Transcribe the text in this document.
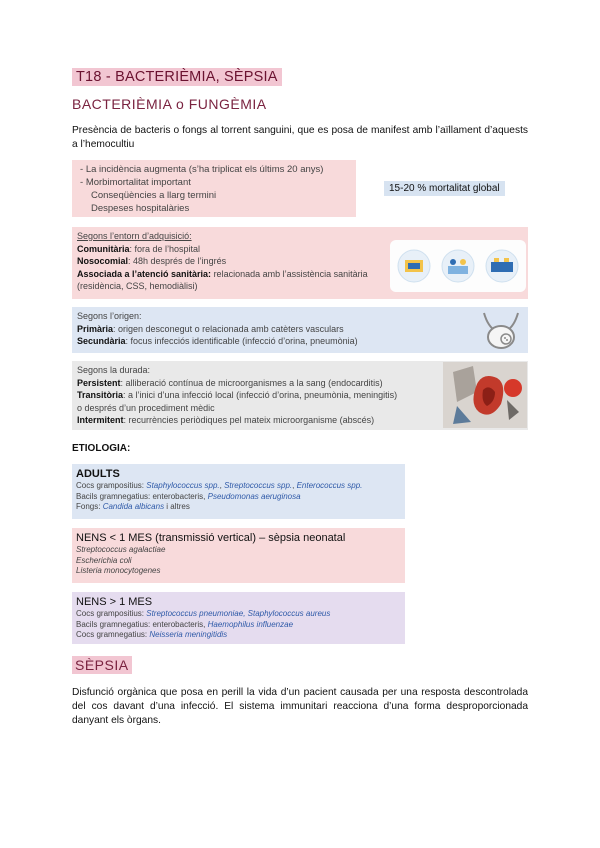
T18 - BACTERIÈMIA, SÈPSIA
BACTERIÈMIA o FUNGÈMIA
Presència de bacteris o fongs al torrent sanguini, que es posa de manifest amb l’aïllament d’aquests a l’hemocultiu
- La incidència augmenta (s’ha triplicat els últims 20 anys)
- Morbimortalitat important
Conseqüències a llarg termini
Despeses hospitalàries
15-20 % mortalitat global
Segons l’entorn d’adquisició:
Comunitària: fora de l’hospital
Nosocomial: 48h després de l’ingrés
Associada a l’atenció sanitària: relacionada amb l’assistència sanitària
(residència, CSS, hemodiàlisi)
Segons l’origen:
Primària: origen desconegut o relacionada amb catèters vasculars
Secundària: focus infecciós identificable (infecció d’orina, pneumònia)
Segons la durada:
Persistent: alliberació contínua de microorganismes a la sang (endocarditis)
Transitòria: a l’inici d’una infecció local (infecció d’orina, pneumònia, meningitis)
o després d’un procediment mèdic
Intermitent: recurrències periòdiques pel mateix microorganisme (abscés)
ETIOLOGIA:
ADULTS
Cocs grampositius: Staphylococcus spp., Streptococcus spp., Enterococcus spp.
Bacils gramnegatius: enterobacteris, Pseudomonas aeruginosa
Fongs: Candida albicans i altres
NENS < 1 MES (transmissió vertical) – sèpsia neonatal
Streptococcus agalactiae
Escherichia coli
Listeria monocytogenes
NENS > 1 MES
Cocs grampositius: Streptococcus pneumoniae, Staphylococcus aureus
Bacils gramnegatius: enterobacteris, Haemophilus influenzae
Cocs gramnegatius: Neisseria meningitidis
SÈPSIA
Disfunció orgànica que posa en perill la vida d’un pacient causada per una resposta descontrolada del cos davant d’una infecció. El sistema immunitari reacciona d’una forma desproporcionada danyant els òrgans.
